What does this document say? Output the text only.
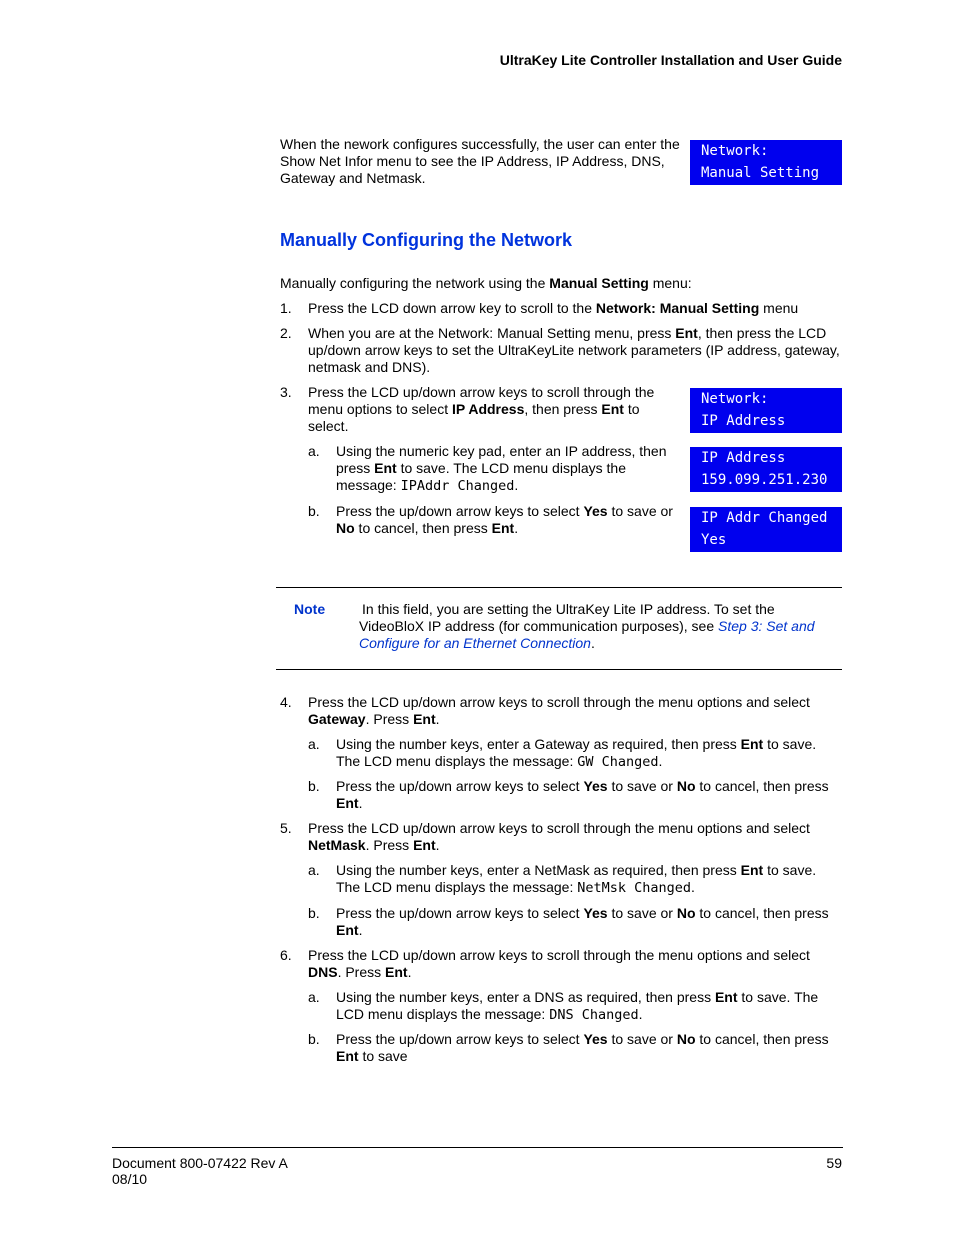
UltraKey Lite Controller Installation and User Guide
When the nework configures successfully, the user can enter the Show Net Infor menu to see the IP Address, IP Address, DNS, Gateway and Netmask.
Network:
Manual Setting
Manually Configuring the Network
Manually configuring the network using the Manual Setting menu:
1. Press the LCD down arrow key to scroll to the Network: Manual Setting menu
2. When you are at the Network: Manual Setting menu, press Ent, then press the LCD up/down arrow keys to set the UltraKeyLite network parameters (IP address, gateway, netmask and DNS).
3. Press the LCD up/down arrow keys to scroll through the menu options to select IP Address, then press Ent to select.
Network:
IP Address
a. Using the numeric key pad, enter an IP address, then press Ent to save. The LCD menu displays the message: IPAddr Changed.
IP Address
159.099.251.230
b. Press the up/down arrow keys to select Yes to save or No to cancel, then press Ent.
IP Addr Changed
Yes
Note	In this field, you are setting the UltraKey Lite IP address. To set the VideoBloX IP address (for communication purposes), see Step 3: Set and Configure for an Ethernet Connection.
4. Press the LCD up/down arrow keys to scroll through the menu options and select Gateway. Press Ent.
a. Using the number keys, enter a Gateway as required, then press Ent to save. The LCD menu displays the message: GW Changed.
b. Press the up/down arrow keys to select Yes to save or No to cancel, then press Ent.
5. Press the LCD up/down arrow keys to scroll through the menu options and select NetMask. Press Ent.
a. Using the number keys, enter a NetMask as required, then press Ent to save. The LCD menu displays the message: NetMsk Changed.
b. Press the up/down arrow keys to select Yes to save or No to cancel, then press Ent.
6. Press the LCD up/down arrow keys to scroll through the menu options and select DNS. Press Ent.
a. Using the number keys, enter a DNS as required, then press Ent to save. The LCD menu displays the message: DNS Changed.
b. Press the up/down arrow keys to select Yes to save or No to cancel, then press Ent to save
Document 800-07422 Rev A
08/10
59
